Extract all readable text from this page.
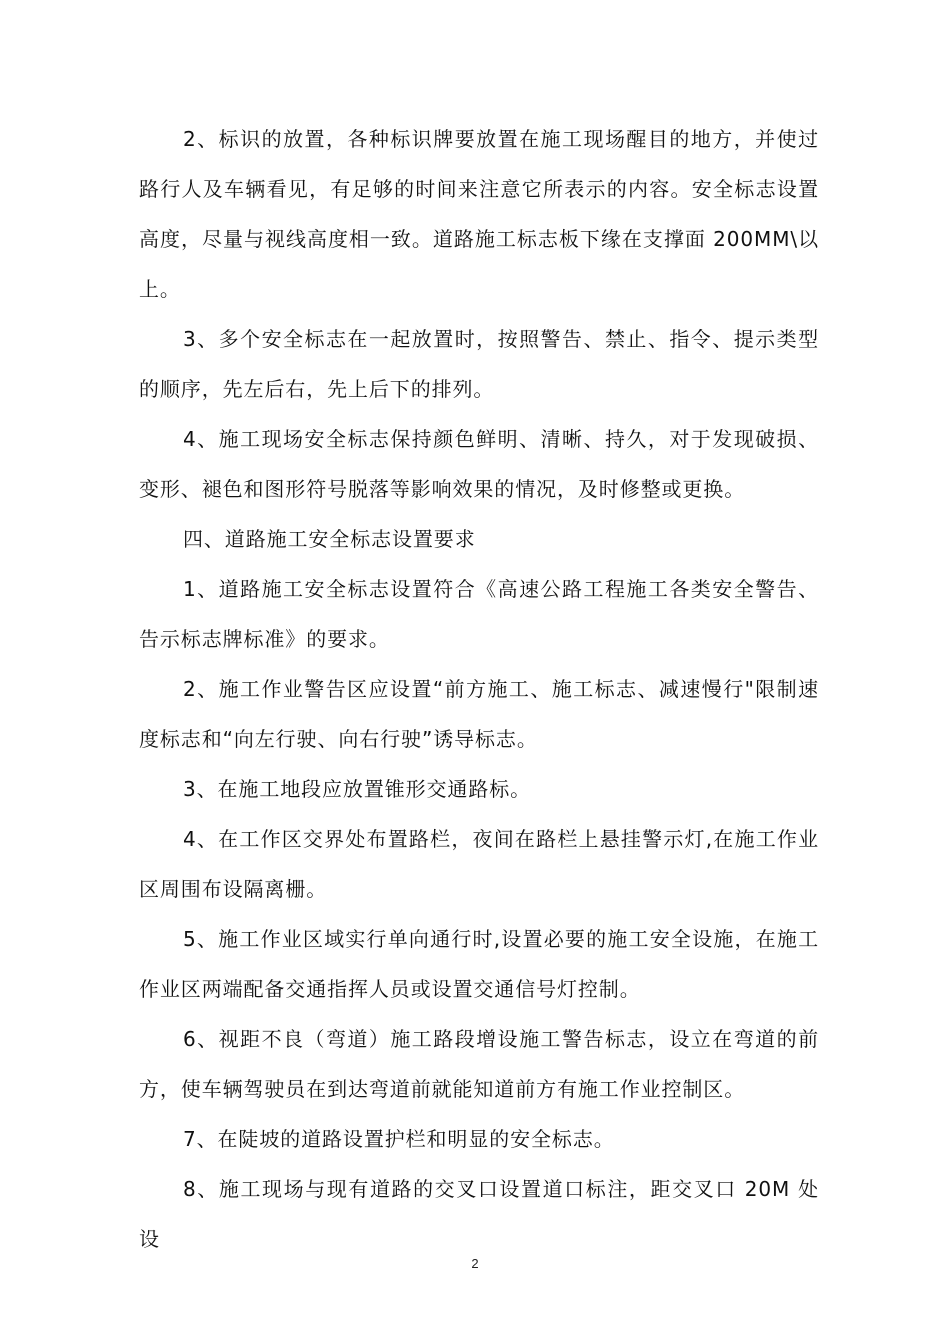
2、标识的放置，各种标识牌要放置在施工现场醒目的地方，并使过路行人及车辆看见，有足够的时间来注意它所表示的内容。安全标志设置高度，尽量与视线高度相一致。道路施工标志板下缘在支撑面 200MM\以上。

3、多个安全标志在一起放置时，按照警告、禁止、指令、提示类型的顺序，先左后右，先上后下的排列。

4、施工现场安全标志保持颜色鲜明、清晰、持久，对于发现破损、变形、褪色和图形符号脱落等影响效果的情况，及时修整或更换。

四、道路施工安全标志设置要求

1、道路施工安全标志设置符合《高速公路工程施工各类安全警告、告示标志牌标准》的要求。

2、施工作业警告区应设置“前方施工、施工标志、减速慢行"限制速度标志和“向左行驶、向右行驶”诱导标志。

3、在施工地段应放置锥形交通路标。

4、在工作区交界处布置路栏，夜间在路栏上悬挂警示灯,在施工作业区周围布设隔离栅。

5、施工作业区域实行单向通行时,设置必要的施工安全设施，在施工作业区两端配备交通指挥人员或设置交通信号灯控制。

6、视距不良（弯道）施工路段增设施工警告标志，设立在弯道的前方，使车辆驾驶员在到达弯道前就能知道前方有施工作业控制区。

7、在陡坡的道路设置护栏和明显的安全标志。

8、施工现场与现有道路的交叉口设置道口标注，距交叉口 20M 处设

2
